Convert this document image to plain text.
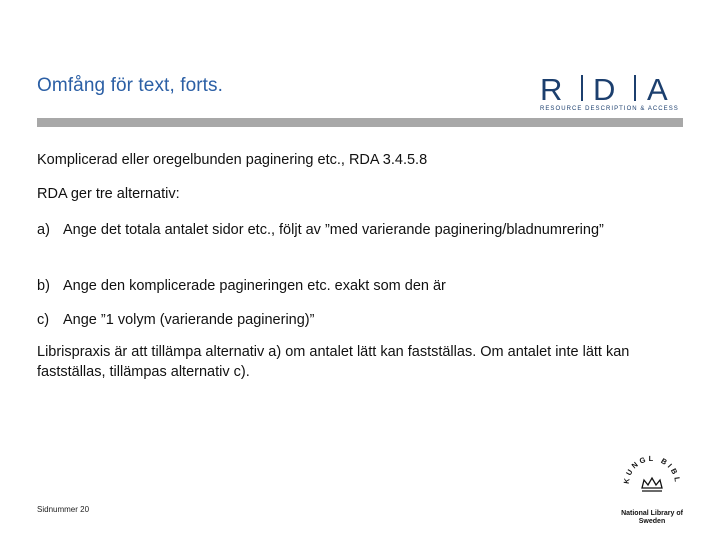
Omfång för text, forts.	R D A
RESOURCE DESCRIPTION & ACCESS

Komplicerad eller oregelbunden paginering etc., RDA 3.4.5.8

RDA ger tre alternativ:

a) Ange det totala antalet sidor etc., följt av ”med varierande paginering/bladnumrering”
b) Ange den komplicerade pagineringen etc. exakt som den är
c) Ange ”1 volym (varierande paginering)”

Librispraxis är att tillämpa alternativ a) om antalet lätt kan fastställas. Om antalet inte lätt kan fastställas, tillämpas alternativ c).

Sidnummer 20
KUNGL BIBL
National Library of Sweden
